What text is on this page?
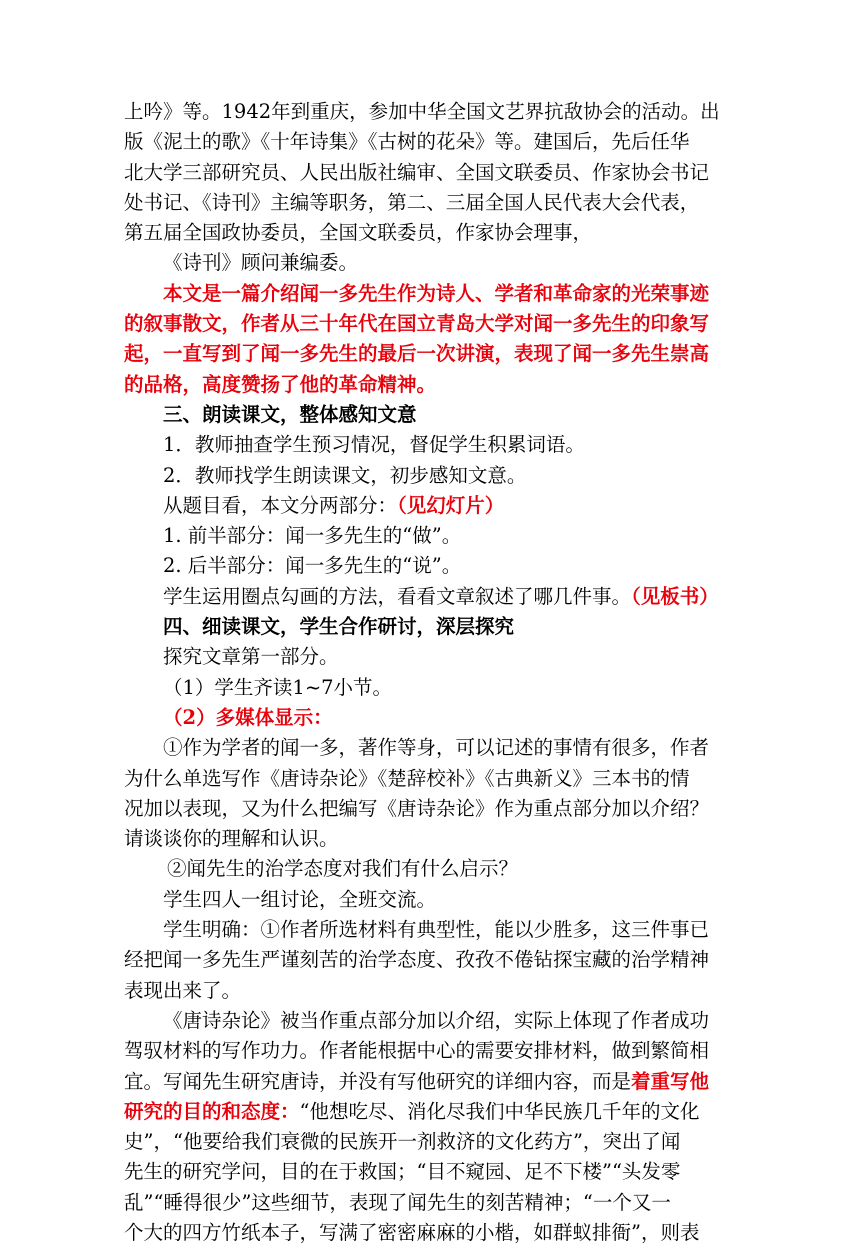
上吟》等。1942年到重庆，参加中华全国文艺界抗敌协会的活动。出
版《泥土的歌》《十年诗集》《古树的花朵》等。建国后，先后任华
北大学三部研究员、人民出版社编审、全国文联委员、作家协会书记
处书记、《诗刊》主编等职务，第二、三届全国人民代表大会代表，
第五届全国政协委员，全国文联委员，作家协会理事，

《诗刊》顾问兼编委。

本文是一篇介绍闻一多先生作为诗人、学者和革命家的光荣事迹
的叙事散文，作者从三十年代在国立青岛大学对闻一多先生的印象写
起，一直写到了闻一多先生的最后一次讲演，表现了闻一多先生崇高
的品格，高度赞扬了他的革命精神。

三、朗读课文，整体感知文意

1．教师抽查学生预习情况，督促学生积累词语。

2．教师找学生朗读课文，初步感知文意。

从题目看，本文分两部分：（见幻灯片）

1. 前半部分：闻一多先生的“做”。

2. 后半部分：闻一多先生的“说”。

学生运用圈点勾画的方法，看看文章叙述了哪几件事。（见板书）

四、细读课文，学生合作研讨，深层探究

探究文章第一部分。

（1）学生齐读1~7小节。

（2）多媒体显示：

①作为学者的闻一多，著作等身，可以记述的事情有很多，作者
为什么单选写作《唐诗杂论》《楚辞校补》《古典新义》三本书的情
况加以表现，又为什么把编写《唐诗杂论》作为重点部分加以介绍？
请谈谈你的理解和认识。

②闻先生的治学态度对我们有什么启示？

学生四人一组讨论，全班交流。

学生明确：①作者所选材料有典型性，能以少胜多，这三件事已
经把闻一多先生严谨刻苦的治学态度、孜孜不倦钻探宝藏的治学精神
表现出来了。

《唐诗杂论》被当作重点部分加以介绍，实际上体现了作者成功
驾驭材料的写作功力。作者能根据中心的需要安排材料，做到繁简相
宜。写闻先生研究唐诗，并没有写他研究的详细内容，而是着重写他
研究的目的和态度：“他想吃尽、消化尽我们中华民族几千年的文化
史”，“他要给我们衰微的民族开一剂救济的文化药方”，突出了闻
先生的研究学问，目的在于救国；“目不窥园、足不下楼”“头发零
乱”“睡得很少”这些细节，表现了闻先生的刻苦精神；“一个又一
个大的四方竹纸本子，写满了密密麻麻的小楷，如群蚁排衙”，则表
